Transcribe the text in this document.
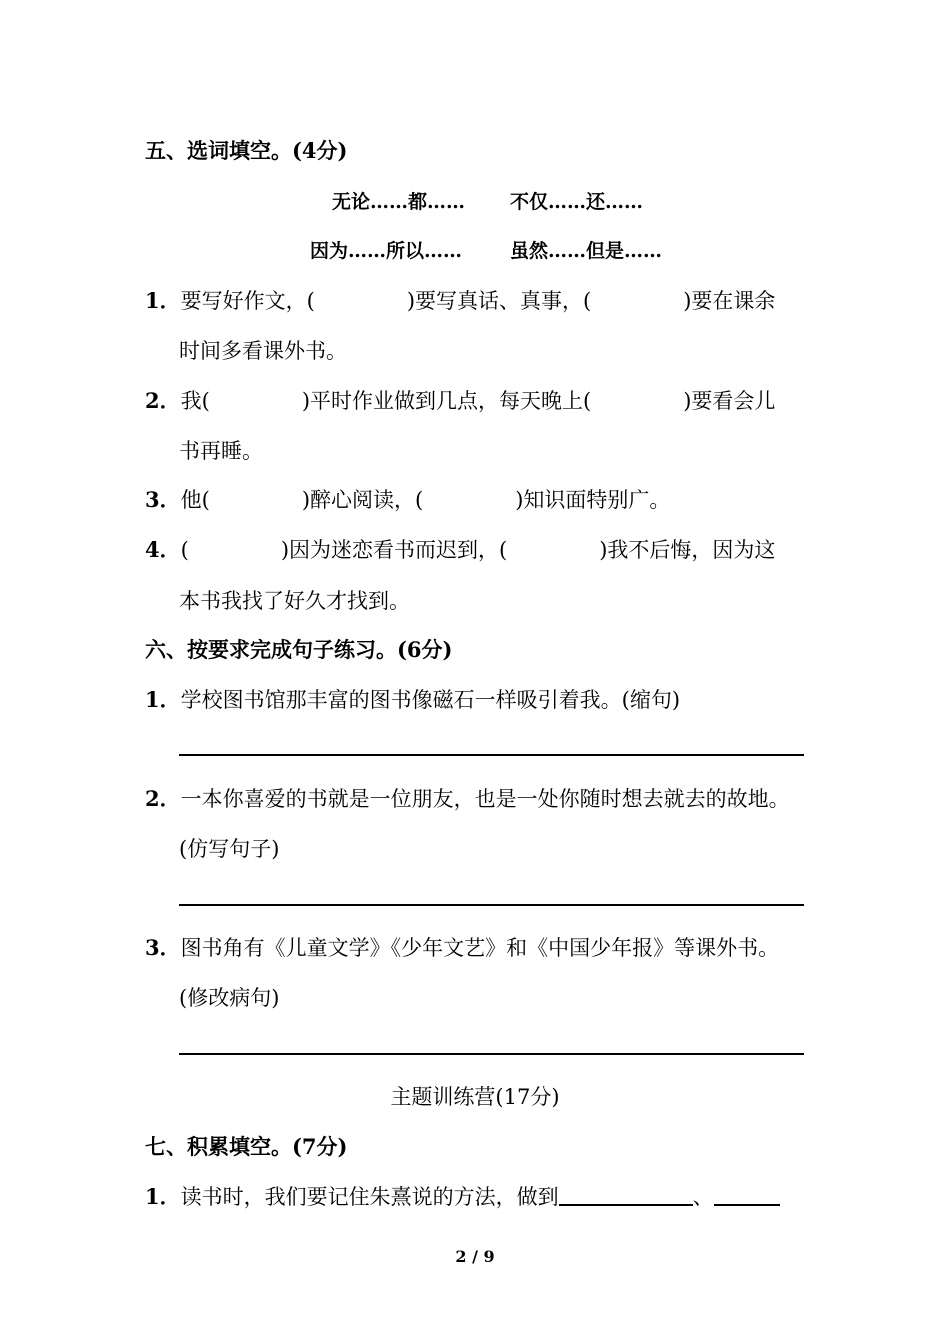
五、选词填空。(4分)
无论……都…… 不仅……还……
因为……所以……	虽然……但是……
1．要写好作文，(	)要写真话、真事，(	)要在课余
时间多看课外书。
2．我(	)平时作业做到几点，每天晚上(	)要看会儿
书再睡。
3．他(	)醉心阅读，(	)知识面特别广。
4．(	)因为迷恋看书而迟到，(	)我不后悔，因为这
本书我找了好久才找到。
六、按要求完成句子练习。(6分)
1．学校图书馆那丰富的图书像磁石一样吸引着我。(缩句)
2．一本你喜爱的书就是一位朋友，也是一处你随时想去就去的故地。
(仿写句子)
3．图书角有《儿童文学》《少年文艺》和《中国少年报》等课外书。
(修改病句)
主题训练营(17分)
七、积累填空。(7分)
1．读书时，我们要记住朱熹说的方法，做到	、
2 / 9
